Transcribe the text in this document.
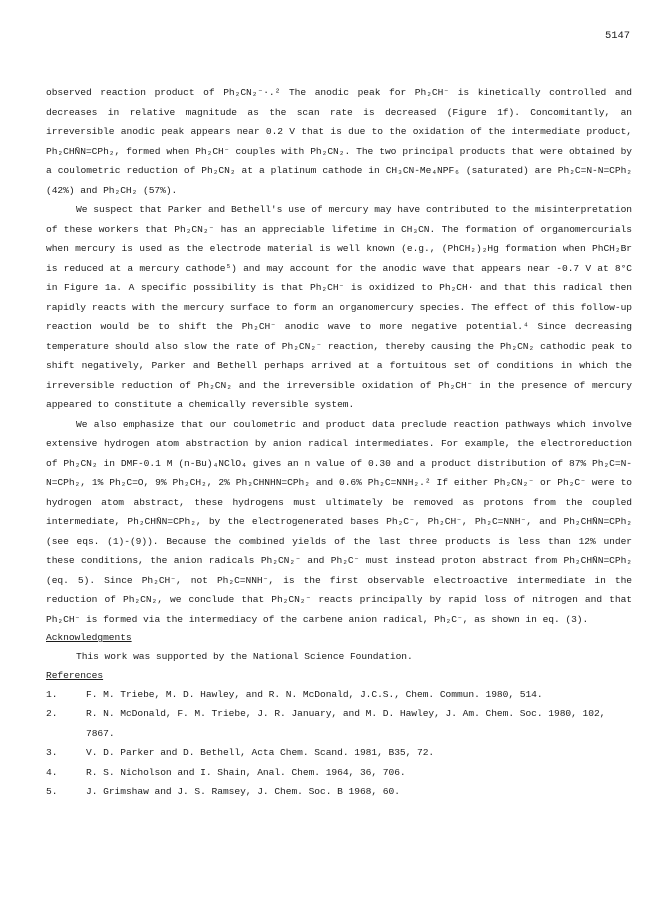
5147

observed reaction product of Ph₂CN₂⁻·.² The anodic peak for Ph₂CH⁻ is kinetically controlled and decreases in relative magnitude as the scan rate is decreased (Figure 1f). Concomitantly, an irreversible anodic peak appears near 0.2 V that is due to the oxidation of the intermediate product, Ph₂CHN̄N=CPh₂, formed when Ph₂CH⁻ couples with Ph₂CN₂. The two principal products that were obtained by a coulometric reduction of Ph₂CN₂ at a platinum cathode in CH₃CN-Me₄NPF₆ (saturated) are Ph₂C=N-N=CPh₂ (42%) and Ph₂CH₂ (57%).

We suspect that Parker and Bethell's use of mercury may have contributed to the misinterpretation of these workers that Ph₂CN₂⁻ has an appreciable lifetime in CH₃CN. The formation of organomercurials when mercury is used as the electrode material is well known (e.g., (PhCH₂)₂Hg formation when PhCH₂Br is reduced at a mercury cathode⁵) and may account for the anodic wave that appears near -0.7 V at 8°C in Figure 1a. A specific possibility is that Ph₂CH⁻ is oxidized to Ph₂CH· and that this radical then rapidly reacts with the mercury surface to form an organomercury species. The effect of this follow-up reaction would be to shift the Ph₂CH⁻ anodic wave to more negative potential.⁴ Since decreasing temperature should also slow the rate of Ph₂CN₂⁻ reaction, thereby causing the Ph₂CN₂ cathodic peak to shift negatively, Parker and Bethell perhaps arrived at a fortuitous set of conditions in which the irreversible reduction of Ph₂CN₂ and the irreversible oxidation of Ph₂CH⁻ in the presence of mercury appeared to constitute a chemically reversible system.

We also emphasize that our coulometric and product data preclude reaction pathways which involve extensive hydrogen atom abstraction by anion radical intermediates. For example, the electroreduction of Ph₂CN₂ in DMF-0.1 M (n-Bu)₄NClO₄ gives an n value of 0.30 and a product distribution of 87% Ph₂C=N-N=CPh₂, 1% Ph₂C=O, 9% Ph₂CH₂, 2% Ph₂CHNHN=CPh₂ and 0.6% Ph₂C=NNH₂.² If either Ph₂CN₂⁻ or Ph₂C⁻ were to hydrogen atom abstract, these hydrogens must ultimately be removed as protons from the coupled intermediate, Ph₂CHN̄N=CPh₂, by the electrogenerated bases Ph₂C⁻, Ph₂CH⁻, Ph₂C=NNH⁻, and Ph₂CHN̄N=CPh₂ (see eqs. (1)-(9)). Because the combined yields of the last three products is less than 12% under these conditions, the anion radicals Ph₂CN₂⁻ and Ph₂C⁻ must instead proton abstract from Ph₂CHN̄N=CPh₂ (eq. 5). Since Ph₂CH⁻, not Ph₂C=NNH⁻, is the first observable electroactive intermediate in the reduction of Ph₂CN₂, we conclude that Ph₂CN₂⁻ reacts principally by rapid loss of nitrogen and that Ph₂CH⁻ is formed via the intermediacy of the carbene anion radical, Ph₂C⁻, as shown in eq. (3).

Acknowledgments

This work was supported by the National Science Foundation.

References

1.	F. M. Triebe, M. D. Hawley, and R. N. McDonald, J.C.S., Chem. Commun. 1980, 514.

2.	R. N. McDonald, F. M. Triebe, J. R. January, and M. D. Hawley, J. Am. Chem. Soc. 1980, 102, 7867.

3.	V. D. Parker and D. Bethell, Acta Chem. Scand. 1981, B35, 72.

4.	R. S. Nicholson and I. Shain, Anal. Chem. 1964, 36, 706.

5.	J. Grimshaw and J. S. Ramsey, J. Chem. Soc. B 1968, 60.
